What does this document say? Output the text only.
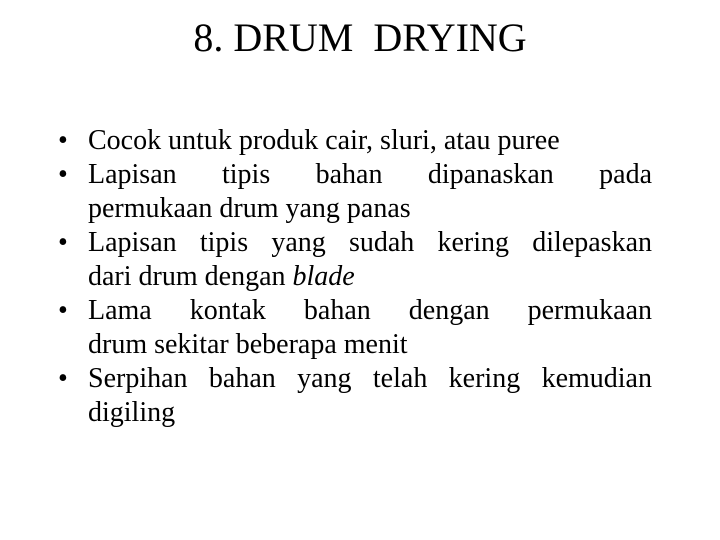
8. DRUM  DRYING
• Cocok untuk produk cair, sluri, atau puree
• Lapisan tipis bahan dipanaskan pada
permukaan drum yang panas
• Lapisan tipis yang sudah kering dilepaskan
dari drum dengan blade
• Lama kontak bahan dengan permukaan
drum sekitar beberapa menit
• Serpihan bahan yang telah kering kemudian
digiling
